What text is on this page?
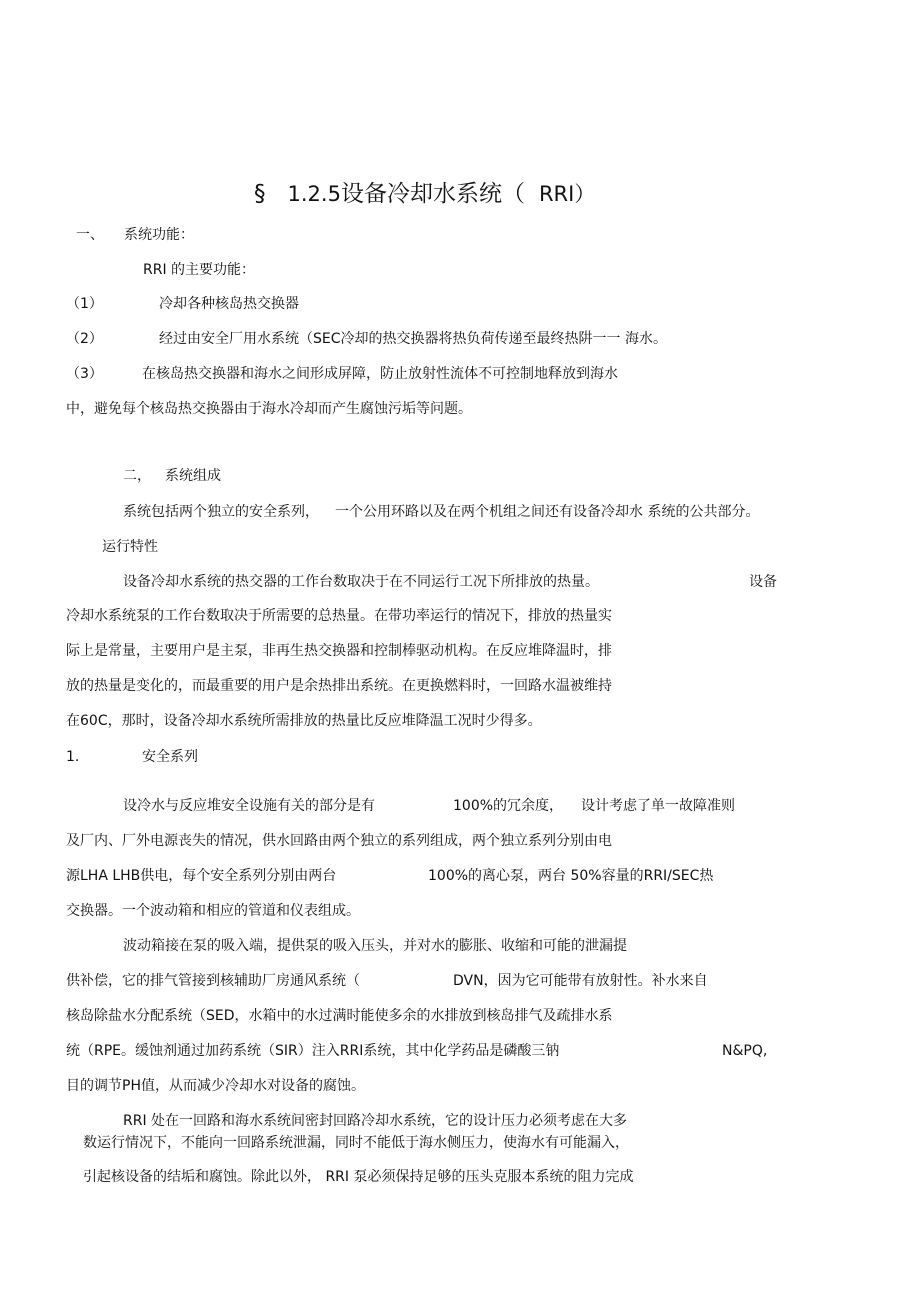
§ 1.2.5设备冷却水系统（ RRI）
一、 系统功能：
RRI 的主要功能：
（1）	冷却各种核岛热交换器
（2）	经过由安全厂用水系统（SEC冷却的热交换器将热负荷传递至最终热阱一一 海水。
（3）	在核岛热交换器和海水之间形成屏障，防止放射性流体不可控制地释放到海水
中，避免每个核岛热交换器由于海水冷却而产生腐蚀污垢等问题。
二， 系统组成
系统包括两个独立的安全系列， 一个公用环路以及在两个机组之间还有设备冷却水 系统的公共部分。
运行特性
设备冷却水系统的热交器的工作台数取决于在不同运行工况下所排放的热量。	设备
冷却水系统泵的工作台数取决于所需要的总热量。在带功率运行的情况下，排放的热量实
际上是常量，主要用户是主泵，非再生热交换器和控制棒驱动机构。在反应堆降温时，排
放的热量是变化的，而最重要的用户是余热排出系统。在更换燃料时，一回路水温被维持
在60C，那时，设备冷却水系统所需排放的热量比反应堆降温工况时少得多。
1.	安全系列
设冷水与反应堆安全设施有关的部分是有	100%的冗余度， 设计考虑了单一故障准则
及厂内、厂外电源丧失的情况，供水回路由两个独立的系列组成，两个独立系列分别由电
源LHA LHB供电，每个安全系列分别由两台	100%的离心泵，两台 50%容量的RRI/SEC热
交换器。一个波动箱和相应的管道和仪表组成。
波动箱接在泵的吸入端，提供泵的吸入压头，并对水的膨胀、收缩和可能的泄漏提
供补偿，它的排气管接到核辅助厂房通风系统（	DVN，因为它可能带有放射性。补水来自
核岛除盐水分配系统（SED，水箱中的水过满时能使多余的水排放到核岛排气及疏排水系
统（RPE。缓蚀剂通过加药系统（SIR）注入RRI系统，其中化学药品是磷酸三钠	N&PQ,
目的调节PH值，从而减少冷却水对设备的腐蚀。
RRI 处在一回路和海水系统间密封回路冷却水系统，它的设计压力必须考虑在大多
数运行情况下，不能向一回路系统泄漏，同时不能低于海水侧压力，使海水有可能漏入，
引起核设备的结垢和腐蚀。除此以外， RRI 泵必须保持足够的压头克服本系统的阻力完成
